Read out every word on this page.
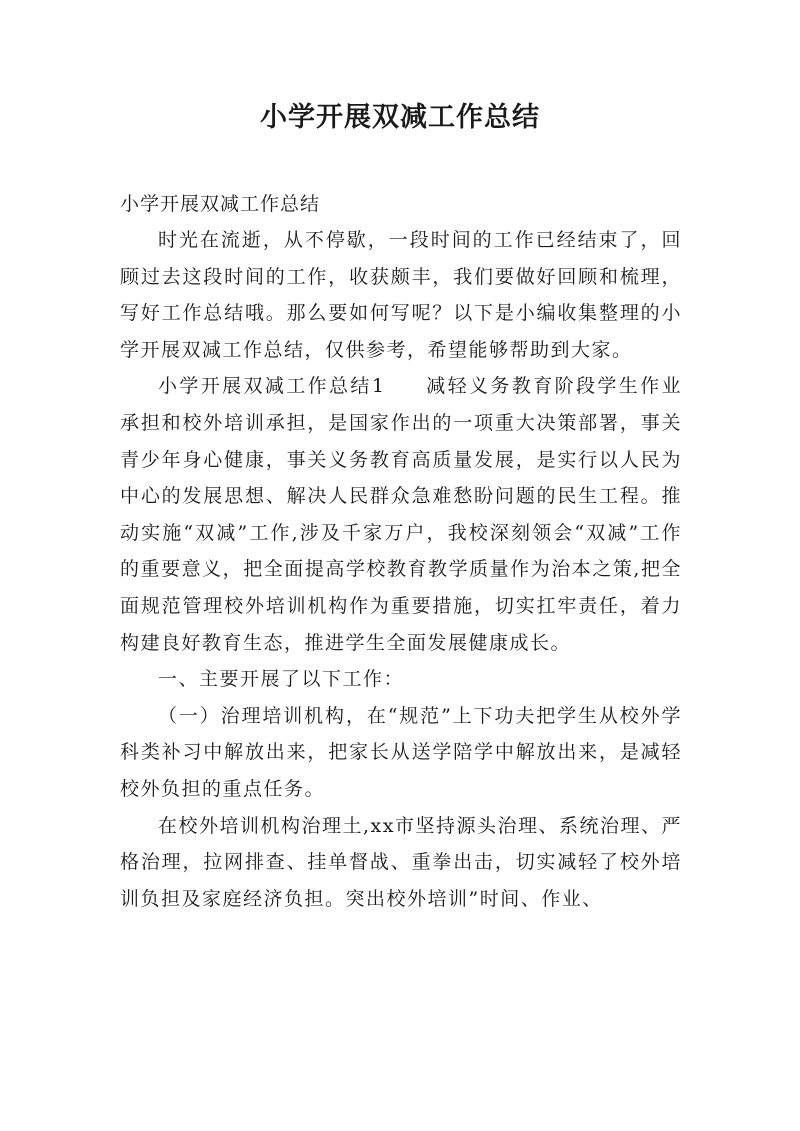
小学开展双减工作总结

小学开展双减工作总结

时光在流逝，从不停歇，一段时间的工作已经结束了，回顾过去这段时间的工作，收获颇丰，我们要做好回顾和梳理，写好工作总结哦。那么要如何写呢？以下是小编收集整理的小学开展双减工作总结，仅供参考，希望能够帮助到大家。

小学开展双减工作总结1 减轻义务教育阶段学生作业承担和校外培训承担，是国家作出的一项重大决策部署，事关青少年身心健康，事关义务教育高质量发展，是实行以人民为中心的发展思想、解决人民群众急难愁盼问题的民生工程。推动实施“双减”工作,涉及千家万户，我校深刻领会“双减”工作的重要意义，把全面提高学校教育教学质量作为治本之策,把全面规范管理校外培训机构作为重要措施，切实扛牢责任，着力构建良好教育生态，推进学生全面发展健康成长。

一、主要开展了以下工作：

（一）治理培训机构，在“规范”上下功夫把学生从校外学科类补习中解放出来，把家长从送学陪学中解放出来，是减轻校外负担的重点任务。

在校外培训机构治理土,xx市坚持源头治理、系统治理、严格治理，拉网排查、挂单督战、重拳出击，切实减轻了校外培训负担及家庭经济负担。突出校外培训”时间、作业、
